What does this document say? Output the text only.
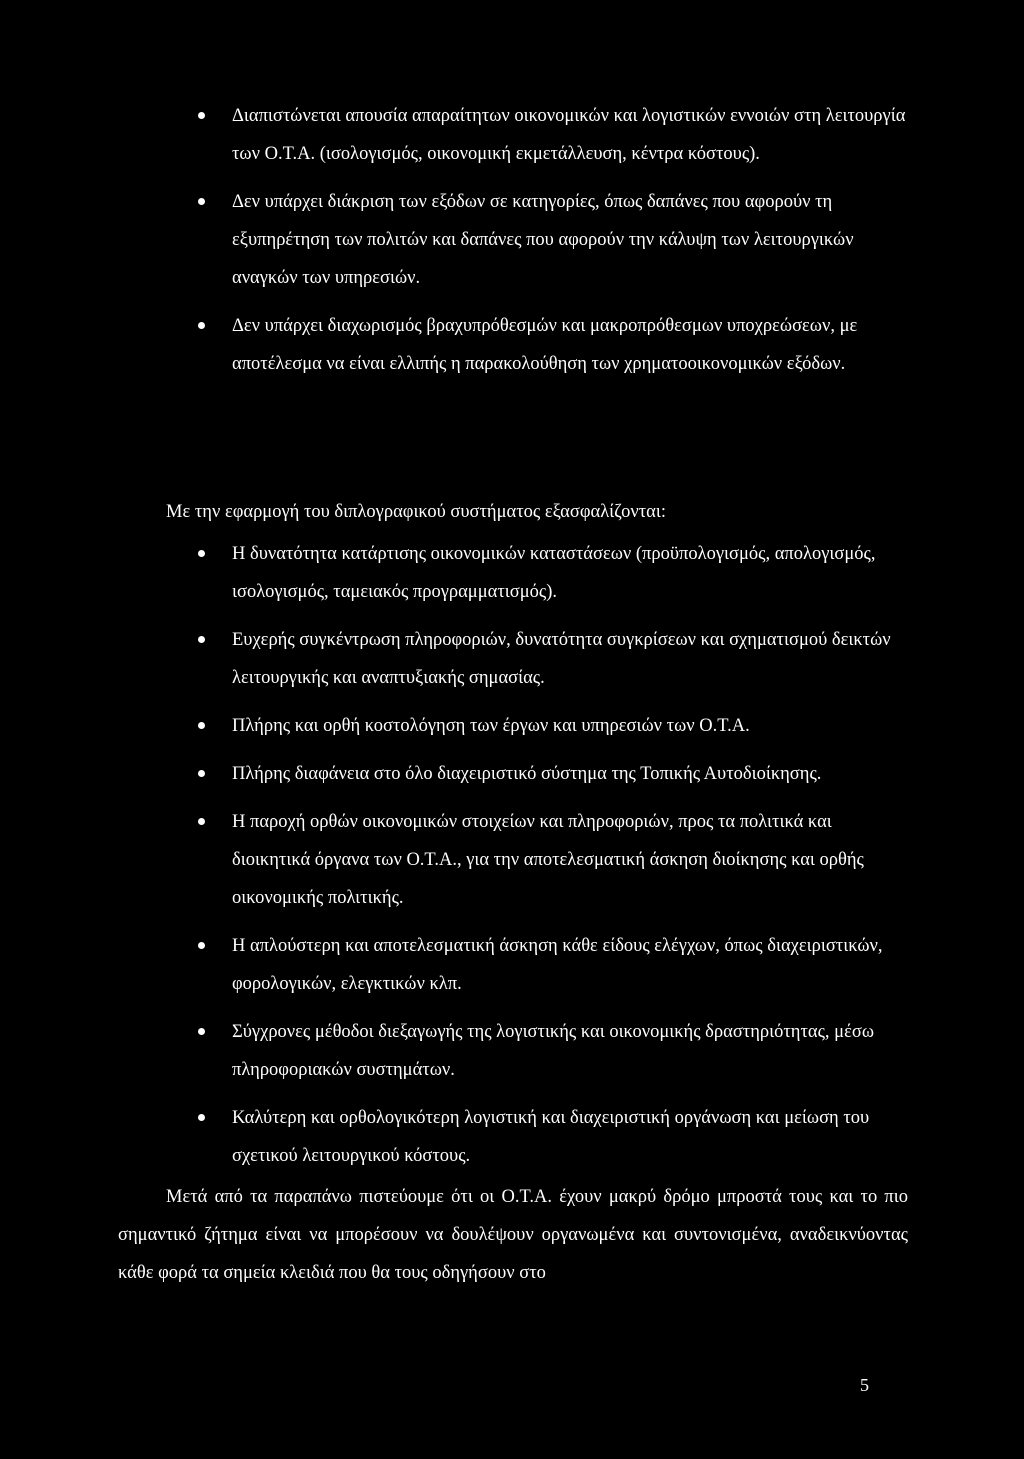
Διαπιστώνεται απουσία απαραίτητων οικονομικών και λογιστικών εννοιών στη λειτουργία των Ο.Τ.Α. (ισολογισμός, οικονομική εκμετάλλευση, κέντρα κόστους).
Δεν υπάρχει διάκριση των εξόδων σε κατηγορίες, όπως δαπάνες που αφορούν τη εξυπηρέτηση των πολιτών και δαπάνες που αφορούν την κάλυψη των λειτουργικών αναγκών των υπηρεσιών.
Δεν υπάρχει διαχωρισμός βραχυπρόθεσμών και μακροπρόθεσμων υποχρεώσεων, με αποτέλεσμα να είναι ελλιπής η παρακολούθηση των χρηματοοικονομικών εξόδων.

Με την εφαρμογή του διπλογραφικού συστήματος εξασφαλίζονται:

Η δυνατότητα κατάρτισης οικονομικών καταστάσεων (προϋπολογισμός, απολογισμός, ισολογισμός, ταμειακός προγραμματισμός).
Ευχερής συγκέντρωση πληροφοριών, δυνατότητα συγκρίσεων και σχηματισμού δεικτών λειτουργικής και αναπτυξιακής σημασίας.
Πλήρης και ορθή κοστολόγηση των έργων και υπηρεσιών των Ο.Τ.Α.
Πλήρης διαφάνεια στο όλο διαχειριστικό σύστημα της Τοπικής Αυτοδιοίκησης.
Η παροχή ορθών οικονομικών στοιχείων και πληροφοριών, προς τα πολιτικά και διοικητικά όργανα των Ο.Τ.Α., για την αποτελεσματική άσκηση διοίκησης και ορθής οικονομικής πολιτικής.
Η απλούστερη και αποτελεσματική άσκηση κάθε είδους ελέγχων, όπως διαχειριστικών, φορολογικών, ελεγκτικών κλπ.
Σύγχρονες μέθοδοι διεξαγωγής της λογιστικής και οικονομικής δραστηριότητας, μέσω πληροφοριακών συστημάτων.
Καλύτερη και ορθολογικότερη λογιστική και διαχειριστική οργάνωση και μείωση του σχετικού λειτουργικού κόστους.

Μετά από τα παραπάνω πιστεύουμε ότι οι Ο.Τ.Α. έχουν μακρύ δρόμο μπροστά τους και το πιο σημαντικό ζήτημα είναι να μπορέσουν να δουλέψουν οργανωμένα και συντονισμένα, αναδεικνύοντας κάθε φορά τα σημεία κλειδιά που θα τους οδηγήσουν στο

5
